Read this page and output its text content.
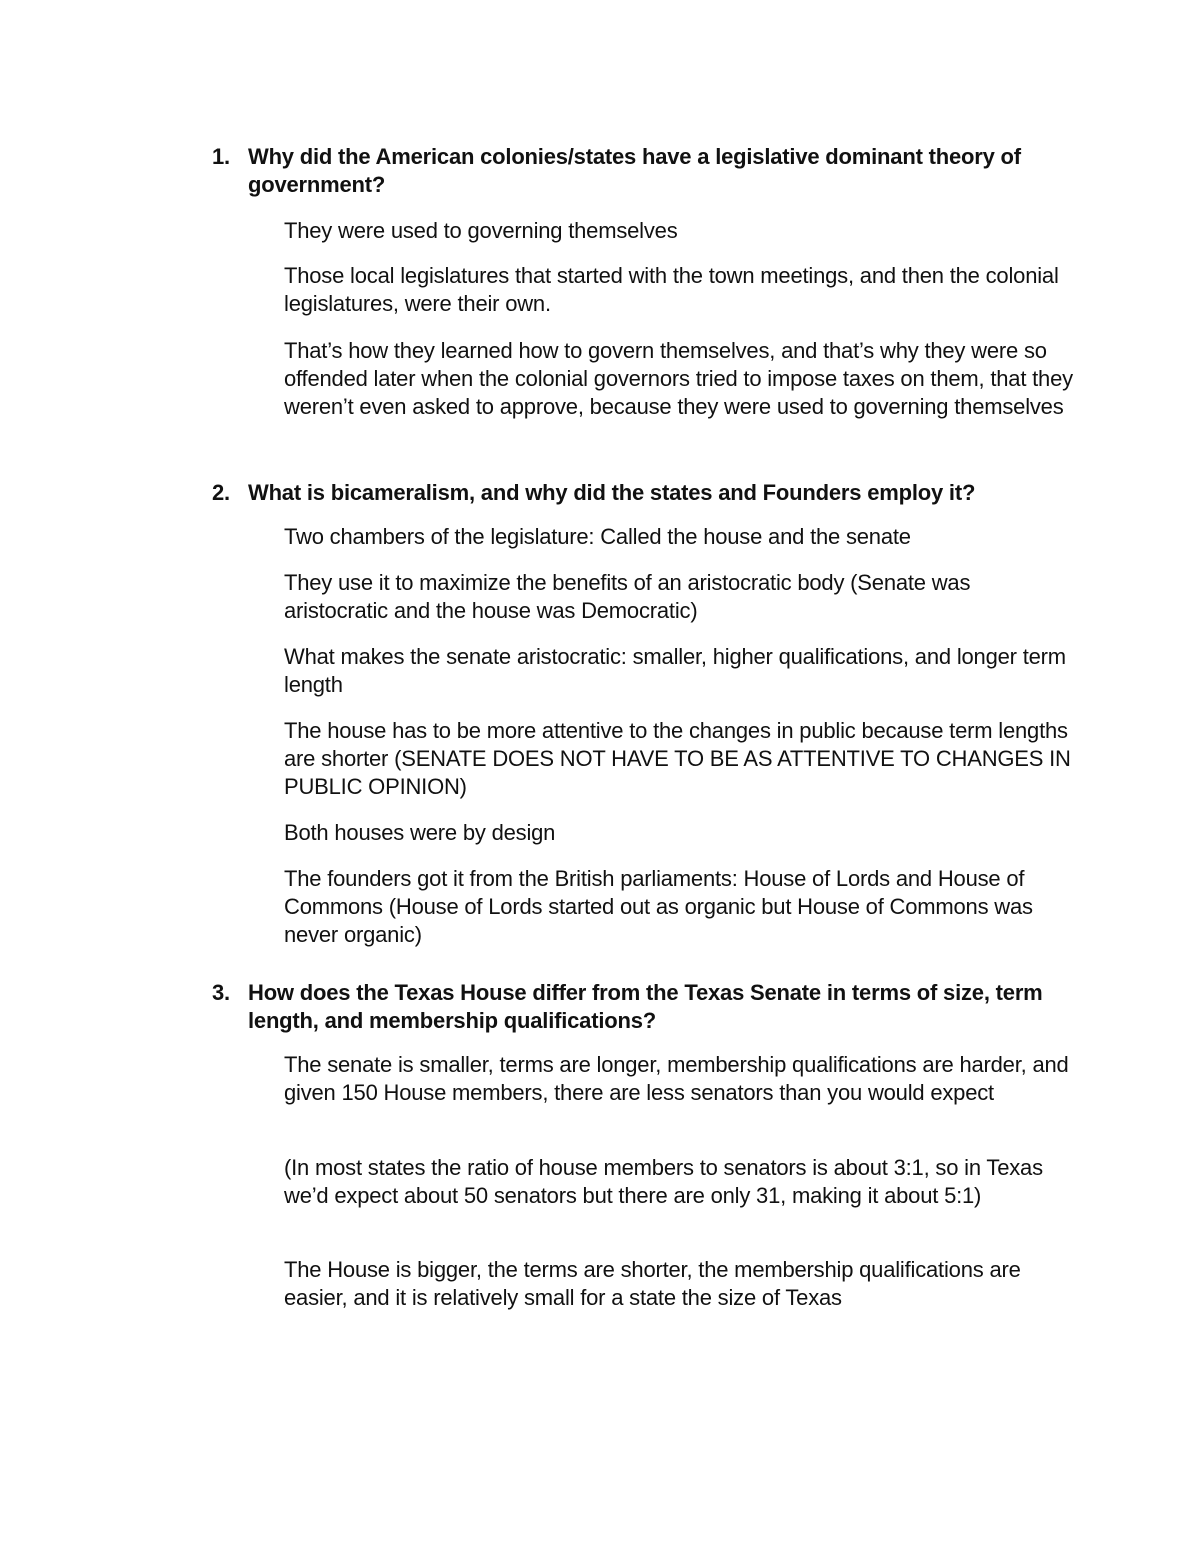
1. Why did the American colonies/states have a legislative dominant theory of government?
They were used to governing themselves
Those local legislatures that started with the town meetings, and then the colonial legislatures, were their own.
That’s how they learned how to govern themselves, and that’s why they were so offended later when the colonial governors tried to impose taxes on them, that they weren’t even asked to approve, because they were used to governing themselves
2. What is bicameralism, and why did the states and Founders employ it?
Two chambers of the legislature: Called the house and the senate
They use it to maximize the benefits of an aristocratic body (Senate was aristocratic and the house was Democratic)
What makes the senate aristocratic: smaller, higher qualifications, and longer term length
The house has to be more attentive to the changes in public because term lengths are shorter (SENATE DOES NOT HAVE TO BE AS ATTENTIVE TO CHANGES IN PUBLIC OPINION)
Both houses were by design
The founders got it from the British parliaments: House of Lords and House of Commons (House of Lords started out as organic but House of Commons was never organic)
3. How does the Texas House differ from the Texas Senate in terms of size, term length, and membership qualifications?
The senate is smaller, terms are longer, membership qualifications are harder, and given 150 House members, there are less senators than you would expect
(In most states the ratio of house members to senators is about 3:1, so in Texas we’d expect about 50 senators but there are only 31, making it about 5:1)
The House is bigger, the terms are shorter, the membership qualifications are easier, and it is relatively small for a state the size of Texas
